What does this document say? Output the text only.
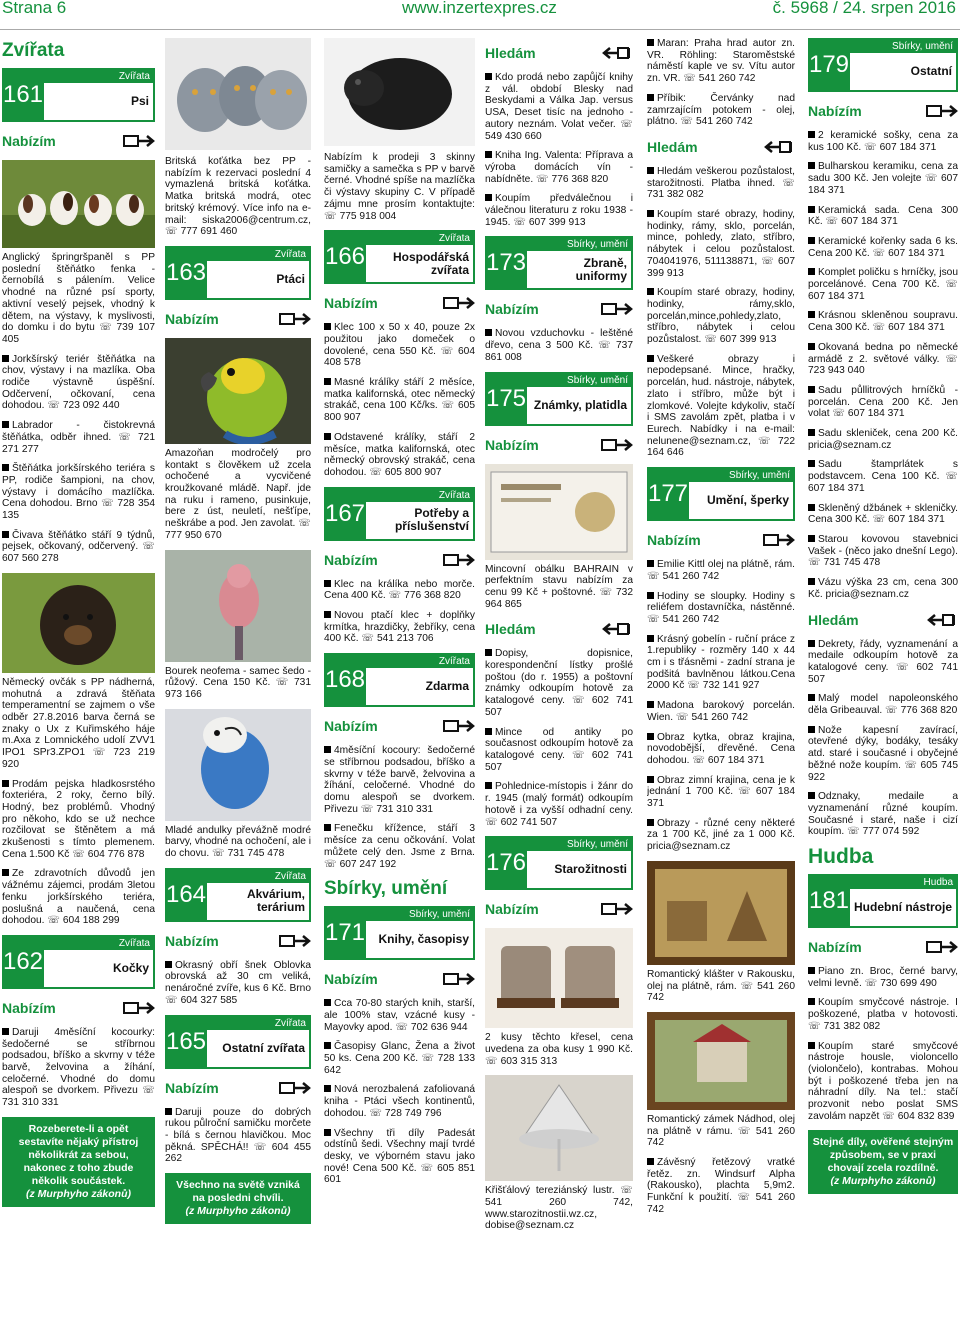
Strana 6	www.inzertexpres.cz	č. 5968 / 24. srpen 2016
Zvířata
161
Zvířata
Psi
Nabízím

Anglický špringršpaněl s PP poslední štěňátko fenka - černobílá s pálením. Velice vhodné na různé psí sporty, aktivní veselý pejsek, vhodný k dětem, na výstavy, k myslivosti, do domku i do bytu ☏ 739 107 405

Jorkšírský teriér štěňátka na chov, výstavy i na mazlíka. Oba rodiče výstavně úspěšní. Odčervení, očkovaní, cena dohodou. ☏ 723 092 440

Labrador - čistokrevná štěňátka, odběr ihned. ☏ 721 271 277

Štěňátka jorkšírského teriéra s PP, rodiče šampioni, na chov, výstavy i domácího mazlíčka. Cena dohodou. Brno ☏ 728 354 135

Čivava štěňátko stáří 9 týdnů, pejsek, očkovaný, odčervený. ☏ 607 560 278

Německý ovčák s PP nádherná, mohutná a zdravá štěňata temperamentní se zajmem o vše odběr 27.8.2016 barva černá se znaky o Ux z Kuřimského háje m.Axa z Lomnického udolí ZVV1 IPO1 SPr3.ZPO1 ☏ 723 219 920

Prodám pejska hladkosrstého foxteriéra, 2 roky, černo bílý. Hodný, bez problémů. Vhodný pro někoho, kdo se už nechce rozčilovat se štěnětem a má zkušenosti s tímto plemenem. Cena 1.500 Kč ☏ 604 776 878

Ze zdravotních důvodů jen vážnému zájemci, prodám 3letou fenku jorkšírského teriéra, poslušná a naučená, cena dohodou. ☏ 604 188 299

162
Zvířata
Kočky
Nabízím

Daruji 4měsíční kocourky: šedočerné se stříbrnou podsadou, bříško a skvrny v téže barvě, želvovina a žíhání, celočerné. Vhodné do domu alespoň se dvorkem. Přivezu ☏ 731 310 331

Rozeberete-li a opět sestavíte nějaký přístroj několikrát za sebou, nakonec z toho zbude několik součástek.
(z Murphyho zákonů)

Britská koťátka bez PP - nabízím k rezervaci poslední 4 vymazlená britská koťátka. Matka britská modrá, otec britský krémový. Více info na e-mail: siska2006@centrum.cz, ☏ 777 691 460

163
Zvířata
Ptáci
Nabízím

Amazoňan modročelý pro kontakt s člověkem už zcela ochočené a vycvičené kroužkované mládě. Např. jde na ruku i rameno, pusinkuje, bere z úst, neuletí, nešťípe, neškrábe a pod. Jen zavolat. ☏ 777 950 670

Bourek neofema - samec šedo - růžový. Cena 150 Kč. ☏ 731 973 166

Mladé andulky převážně modré barvy, vhodné na ochočení, ale i do chovu. ☏ 731 745 478

164
Zvířata
Akvárium, terárium
Nabízím

Okrasný obří šnek Oblovka obrovská až 30 cm veliká, nenáročné zvíře, kus 6 Kč. Brno ☏ 604 327 585

165
Zvířata
Ostatní zvířata
Nabízím

Daruji pouze do dobrých rukou půlroční samičku morčete - bílá s černou hlavičkou. Moc pěkná. SPĚCHÁ!! ☏ 604 455 262

Všechno na světě vzniká na posledni chvíli.
(z Murphyho zákonů)

Nabízím k prodeji 3 skinny samičky a samečka s PP v barvě černé. Vhodné spíše na mazlíčka či výstavy skupiny C. V případě zájmu mne prosím kontaktujte: ☏ 775 918 004

166
Zvířata
Hospodářská zvířata
Nabízím

Klec 100 x 50 x 40, pouze 2x použitou jako domeček o dovolené, cena 550 Kč. ☏ 604 408 578

Masné králíky stáří 2 měsíce, matka kalifornská, otec německý strakáč, cena 100 Kč/ks. ☏ 605 800 907

Odstavené králíky, stáří 2 měsíce, matka kalifornská, otec německý obrovský strakáč, cena dohodou. ☏ 605 800 907

167
Zvířata
Potřeby a příslušenství
Nabízím

Klec na králíka nebo morče. Cena 400 Kč. ☏ 776 368 820

Novou ptačí klec + doplňky krmítka, hrazdičky, žebříky, cena 400 Kč. ☏ 541 213 706

168
Zvířata
Zdarma
Nabízím

4měsíční kocoury: šedočerné se stříbrnou podsadou, bříško a skvrny v téže barvě, želvovina a žíhání, celočerné. Vhodné do domu alespoň se dvorkem. Přivezu ☏ 731 310 331

Fenečku křížence, stáří 3 měsíce za cenu očkování. Volat můžete celý den. Jsme z Brna. ☏ 607 247 192

Sbírky, umění
171
Sbírky, umění
Knihy, časopisy
Nabízím

Cca 70-80 starých knih, starší, ale 100% stav, vzácné kusy - Mayovky apod. ☏ 702 636 944

Časopisy Glanc, Žena a život 50 ks. Cena 200 Kč. ☏ 728 133 642

Nová nerozbalená zafoliovaná kniha - Ptáci všech kontinentů, dohodou. ☏ 728 749 796

Všechny tři díly Padesát odstínů šedi. Všechny mají tvrdé desky, ve výborném stavu jako nové! Cena 500 Kč. ☏ 605 851 601

Hledám

Kdo prodá nebo zapůjčí knihy z vál. období Blesky nad Beskydami a Válka Jap. versus USA, Deset tisíc na jednoho - autory neznám. Volat večer. ☏ 549 430 660

Kniha Ing. Valenta: Příprava a výroba domácích vín - nabídněte. ☏ 776 368 820

Koupím předválečnou i válečnou literaturu z roku 1938 - 1945. ☏ 607 399 913

173
Sbírky, umění
Zbraně, uniformy
Nabízím

Novou vzduchovku - leštěné dřevo, cena 3 500 Kč. ☏ 737 861 008

175
Sbírky, umění
Známky, platidla
Nabízím

Mincovní obálku BAHRAIN v perfektním stavu nabízím za cenu 99 Kč + poštovné. ☏ 732 964 865

Hledám

Dopisy, dopisnice, korespondenční lístky prošlé poštou (do r. 1955) a poštovní známky odkoupím hotově za katalogové ceny. ☏ 602 741 507

Mince od antiky po současnost odkoupím hotově za katalogové ceny. ☏ 602 741 507

Pohlednice-místopis i žánr do r. 1945 (malý formát) odkoupím hotově i za vyšší odhadní ceny. ☏ 602 741 507

176
Sbírky, umění
Starožitnosti
Nabízím

2 kusy těchto křesel, cena uvedena za oba kusy 1 990 Kč. ☏ 603 315 313

Křišťálový tereziánský lustr. ☏ 541 260 742, www.starozitnostii.wz.cz, dobise@seznam.cz

Maran: Praha hrad autor zn. VR. Röhling: Staroměstské náměstí kaple ve sv. Vítu autor zn. VR. ☏ 541 260 742

Příbik: Červánky nad zamrzajícím potokem - olej, plátno. ☏ 541 260 742

Hledám

Hledám veškerou pozůstalost, starožitnosti. Platba ihned. ☏ 731 382 082

Koupím staré obrazy, hodiny, hodinky, rámy, sklo, porcelán, mince, pohledy, zlato, stříbro, nábytek i celou pozůstalost. 704041976, 511138871, ☏ 607 399 913

Koupím staré obrazy, hodiny, hodinky, rámy,sklo, porcelán,mince,pohledy,zlato, stříbro, nábytek i celou pozůstalost. ☏ 607 399 913

Veškeré obrazy i nepodepsané. Mince, hračky, porcelán, hud. nástroje, nábytek, zlato i stříbro, může být i zlomkové. Volejte kdykoliv, stačí i SMS zavolám zpět, platba i v Eurech. Nabídky i na e-mail: nelunene@seznam.cz, ☏ 722 164 646

177
Sbírky, umění
Umění, šperky
Nabízím

Emilie Kittl olej na plátně, rám. ☏ 541 260 742

Hodiny se sloupky. Hodiny s reliéfem dostavníčka, nástěnné. ☏ 541 260 742

Krásný gobelín - ruční práce z 1.republiky - rozměry 140 x 44 cm i s třásněmi - zadní strana je podšitá bavlněnou látkou.Cena 2000 Kč ☏ 732 141 927

Madona barokový porcelán. Wien. ☏ 541 260 742

Obraz kytka, obraz krajina, novodobější, dřevěné. Cena dohodou. ☏ 607 184 371

Obraz zimní krajina, cena je k jednání 1 700 Kč. ☏ 607 184 371

Obrazy - různé ceny některé za 1 700 Kč, jiné za 1 000 Kč. pricia@seznam.cz

Romantický klášter v Rakousku, olej na plátně, rám. ☏ 541 260 742

Romantický zámek Nádhod, olej na plátně v rámu. ☏ 541 260 742

Závěsný řetězový vratké řetěz. zn. Windsurf Alpha (Rakousko), plachta 5,9m2. Funkční k použití. ☏ 541 260 742

179
Sbírky, umění
Ostatní
Nabízím

2 keramické sošky, cena za kus 100 Kč. ☏ 607 184 371

Bulharskou keramiku, cena za sadu 300 Kč. Jen volejte ☏ 607 184 371

Keramická sada. Cena 300 Kč. ☏ 607 184 371

Keramické kořenky sada 6 ks. Cena 200 Kč. ☏ 607 184 371

Komplet poličku s hrníčky, jsou porcelánové. Cena 700 Kč. ☏ 607 184 371

Krásnou skleněnou soupravu. Cena 300 Kč. ☏ 607 184 371

Okovaná bedna po německé armádě z 2. světové války. ☏ 723 943 040

Sadu půllitrových hrníčků - porcelán. Cena 200 Kč. Jen volat ☏ 607 184 371

Sadu skleniček, cena 200 Kč. pricia@seznam.cz

Sadu štamprlátek s podstavcem. Cena 100 Kč. ☏ 607 184 371

Skleněný džbánek + skleničky. Cena 300 Kč. ☏ 607 184 371

Starou kovovou stavebnici Vašek - (něco jako dnešní Lego). ☏ 731 745 478

Vázu výška 23 cm, cena 300 Kč. pricia@seznam.cz

Hledám

Dekrety, řády, vyznamenání a medaile odkoupím hotově za katalogové ceny. ☏ 602 741 507

Malý model napoleonského děla Gribeauval. ☏ 776 368 820

Nože kapesní zavírací, otevřené dýky, bodáky, tesáky atd. staré i současné i obyčejné běžné nože koupím. ☏ 605 745 922

Odznaky, medaile a vyznamenání různé koupím. Současné i staré, naše i cizí koupím. ☏ 777 074 592

Hudba
181
Hudba
Hudební nástroje
Nabízím

Piano zn. Broc, černé barvy, velmi levně. ☏ 730 699 490

Koupím smyčcové nástroje. I poškozené, platba v hotovosti. ☏ 731 382 082

Koupím staré smyčcové nástroje housle, violoncello (violončelo), kontrabas. Mohou být i poškozené třeba jen na náhradní díly. Na tel.: stačí prozvonit nebo poslat SMS zavolám napzět ☏ 604 832 839

Stejné díly, ověřené stejným způsobem, se v praxi chovají zcela rozdílně.
(z Murphyho zákonů)
